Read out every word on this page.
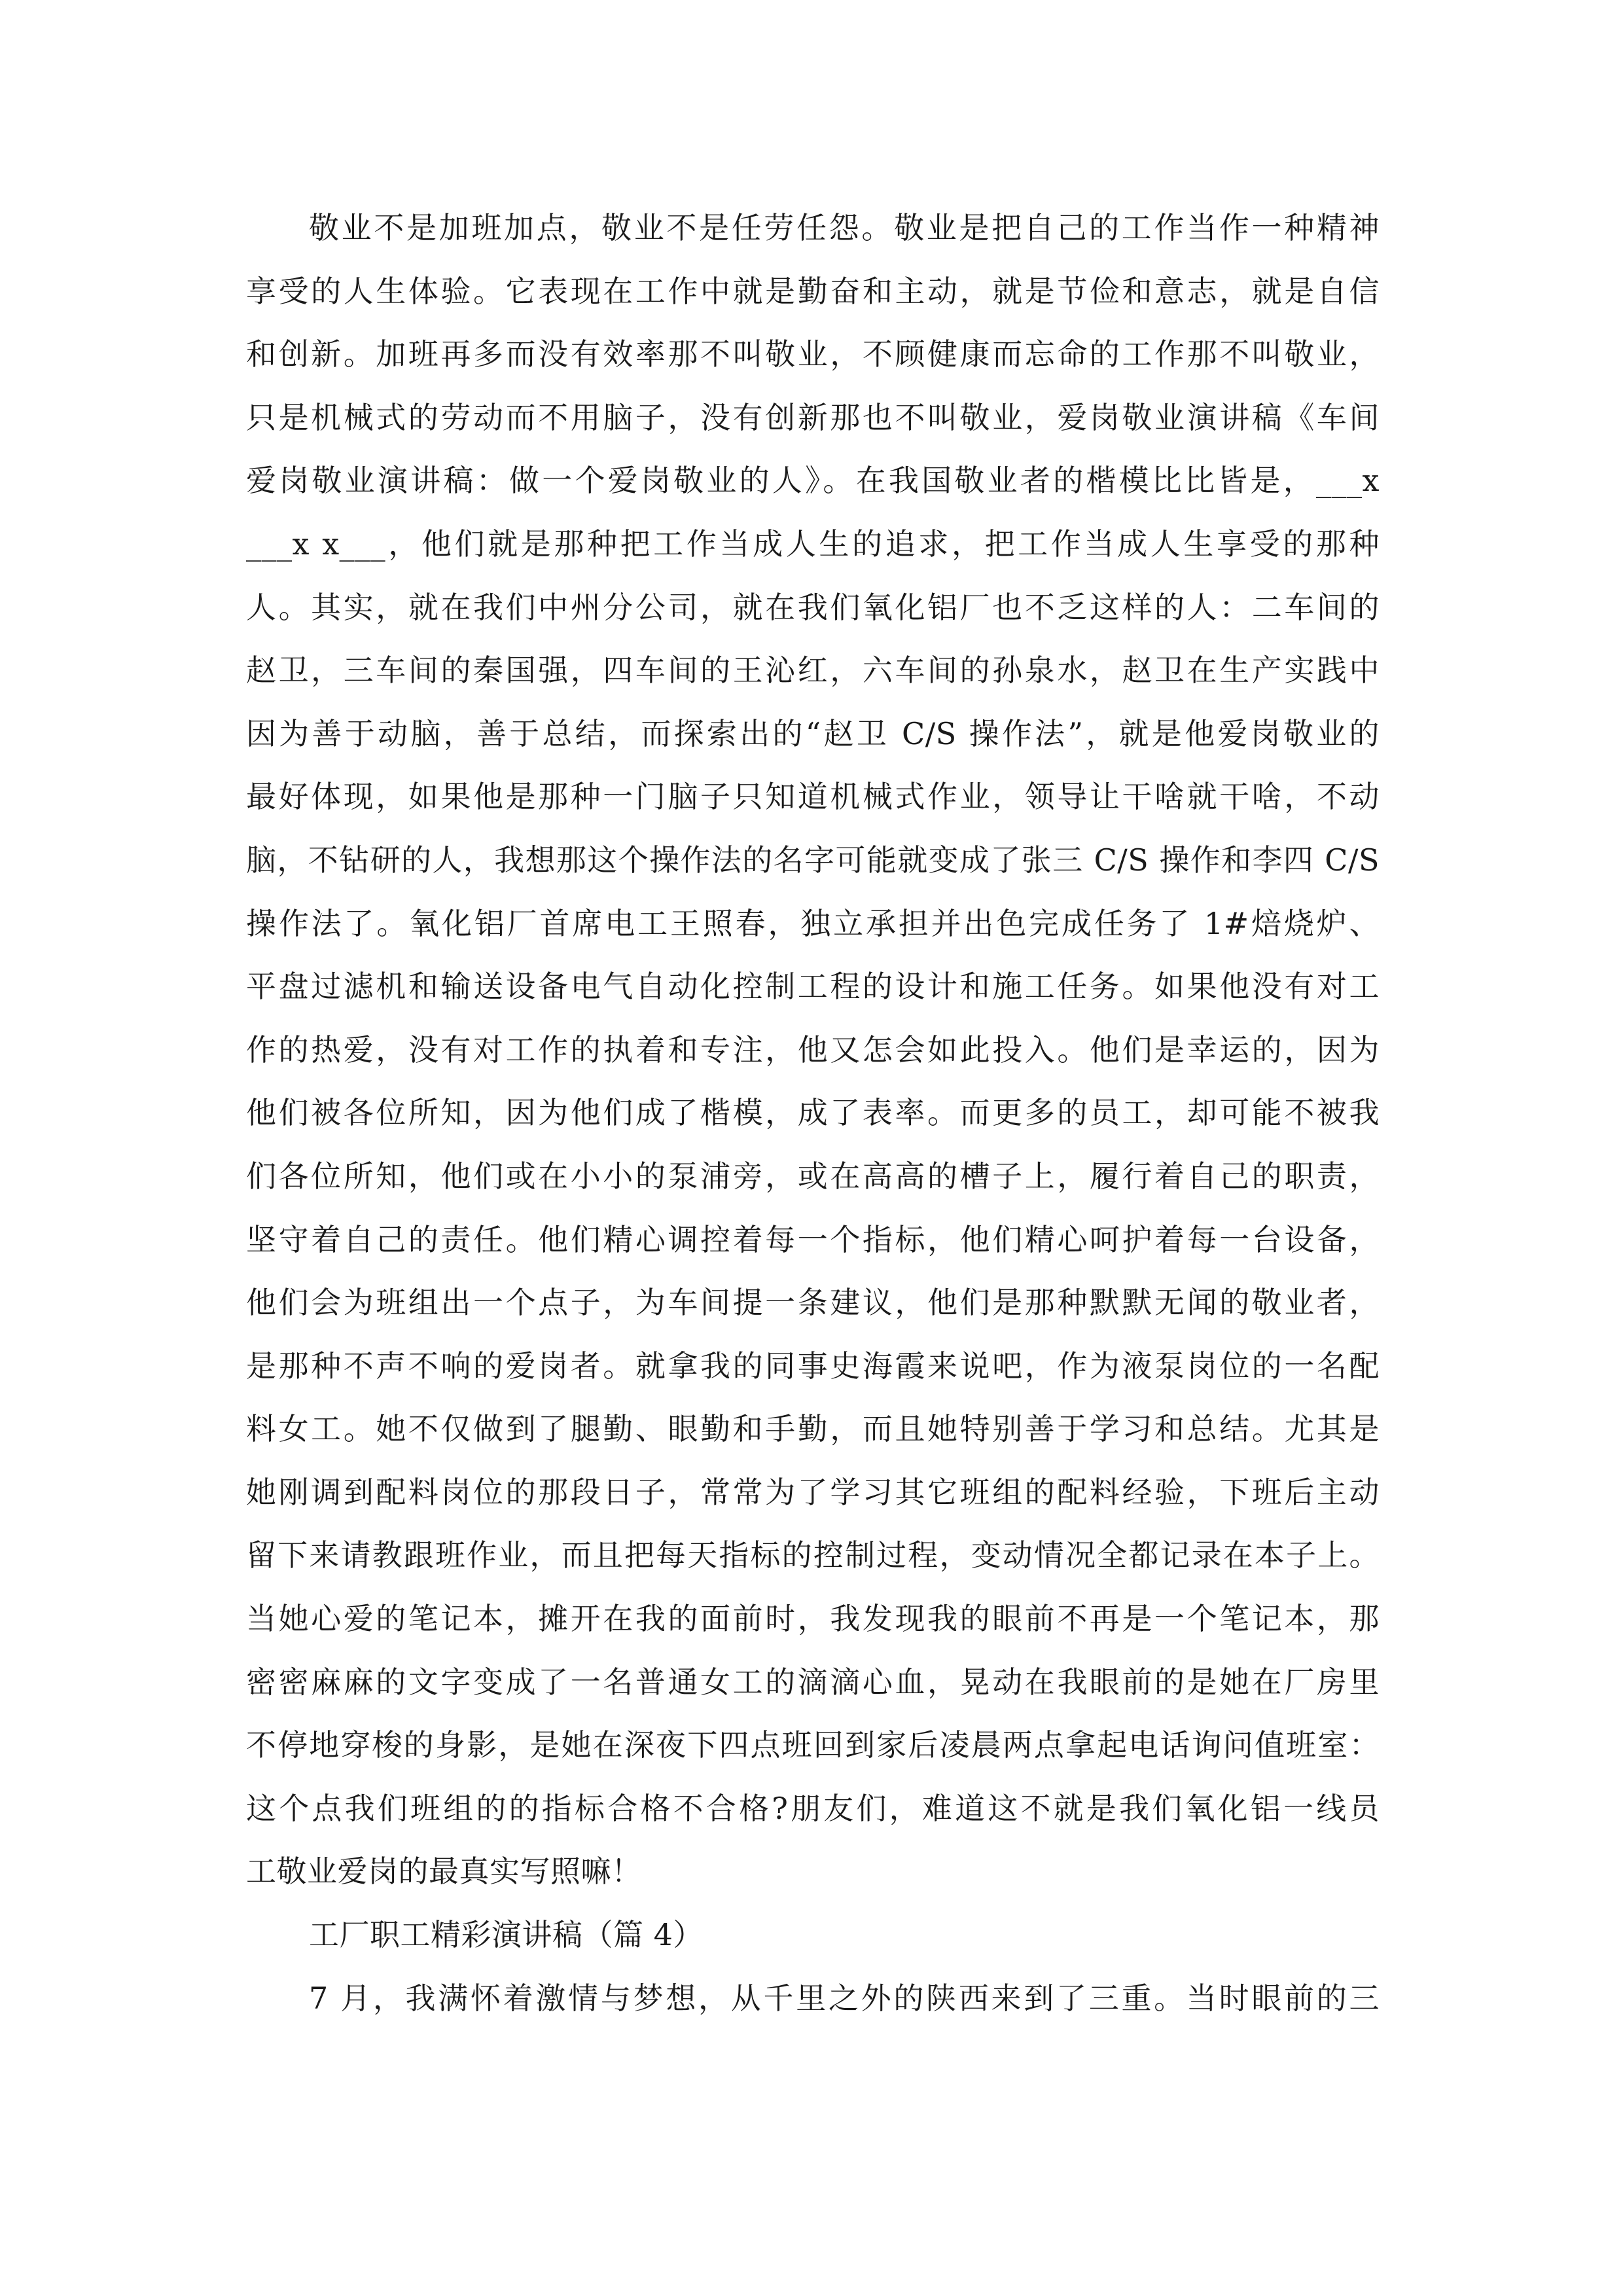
敬业不是加班加点，敬业不是任劳任怨。敬业是把自己的工作当作一种精神
享受的人生体验。它表现在工作中就是勤奋和主动，就是节俭和意志，就是自信
和创新。加班再多而没有效率那不叫敬业，不顾健康而忘命的工作那不叫敬业，
只是机械式的劳动而不用脑子，没有创新那也不叫敬业，爱岗敬业演讲稿《车间
爱岗敬业演讲稿：做一个爱岗敬业的人》。在我国敬业者的楷模比比皆是，___x
___x x___，他们就是那种把工作当成人生的追求，把工作当成人生享受的那种
人。其实，就在我们中州分公司，就在我们氧化铝厂也不乏这样的人：二车间的
赵卫，三车间的秦国强，四车间的王沁红，六车间的孙泉水，赵卫在生产实践中
因为善于动脑，善于总结，而探索出的“赵卫 C/S 操作法”，就是他爱岗敬业的
最好体现，如果他是那种一门脑子只知道机械式作业，领导让干啥就干啥，不动
脑，不钻研的人，我想那这个操作法的名字可能就变成了张三 C/S 操作和李四 C/S
操作法了。氧化铝厂首席电工王照春，独立承担并出色完成任务了 1#焙烧炉、
平盘过滤机和输送设备电气自动化控制工程的设计和施工任务。如果他没有对工
作的热爱，没有对工作的执着和专注，他又怎会如此投入。他们是幸运的，因为
他们被各位所知，因为他们成了楷模，成了表率。而更多的员工，却可能不被我
们各位所知，他们或在小小的泵浦旁，或在高高的槽子上，履行着自己的职责，
坚守着自己的责任。他们精心调控着每一个指标，他们精心呵护着每一台设备，
他们会为班组出一个点子，为车间提一条建议，他们是那种默默无闻的敬业者，
是那种不声不响的爱岗者。就拿我的同事史海霞来说吧，作为液泵岗位的一名配
料女工。她不仅做到了腿勤、眼勤和手勤，而且她特别善于学习和总结。尤其是
她刚调到配料岗位的那段日子，常常为了学习其它班组的配料经验，下班后主动
留下来请教跟班作业，而且把每天指标的控制过程，变动情况全都记录在本子上。
当她心爱的笔记本，摊开在我的面前时，我发现我的眼前不再是一个笔记本，那
密密麻麻的文字变成了一名普通女工的滴滴心血，晃动在我眼前的是她在厂房里
不停地穿梭的身影，是她在深夜下四点班回到家后凌晨两点拿起电话询问值班室：
这个点我们班组的的指标合格不合格?朋友们，难道这不就是我们氧化铝一线员
工敬业爱岗的最真实写照嘛！
工厂职工精彩演讲稿（篇 4）
7 月，我满怀着激情与梦想，从千里之外的陕西来到了三重。当时眼前的三
